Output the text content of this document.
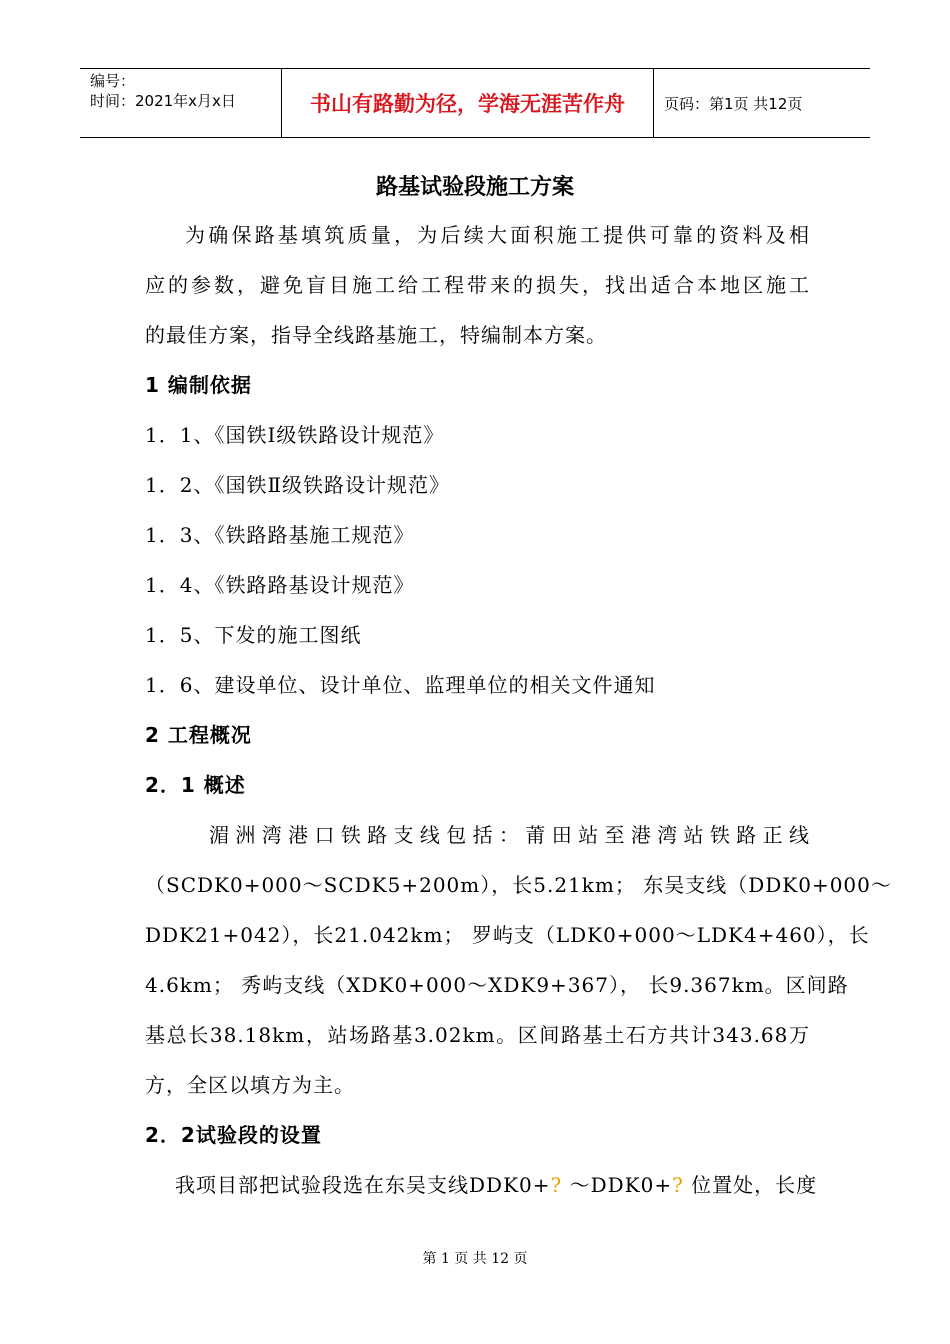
编号：
时间：2021年x月x日	书山有路勤为径，学海无涯苦作舟	页码：第1页 共12页
路基试验段施工方案
为确保路基填筑质量，为后续大面积施工提供可靠的资料及相
应的参数，避免盲目施工给工程带来的损失，找出适合本地区施工
的最佳方案，指导全线路基施工，特编制本方案。
1 编制依据
1．1、《国铁Ⅰ级铁路设计规范》
1．2、《国铁Ⅱ级铁路设计规范》
1．3、《铁路路基施工规范》
1．4、《铁路路基设计规范》
1．5、下发的施工图纸
1．6、建设单位、设计单位、监理单位的相关文件通知
2 工程概况
2．1 概述
湄洲湾港口铁路支线包括：莆田站至港湾站铁路正线
（SCDK0+000～SCDK5+200m），长5.21km； 东吴支线（DDK0+000～
DDK21+042），长21.042km； 罗屿支（LDK0+000～LDK4+460），长
4.6km； 秀屿支线（XDK0+000～XDK9+367）， 长9.367km。区间路
基总长38.18km，站场路基3.02km。区间路基土石方共计343.68万
方，全区以填方为主。
2．2试验段的设置
我项目部把试验段选在东吴支线DDK0+? ～DDK0+? 位置处，长度
第 1 页 共 12 页
